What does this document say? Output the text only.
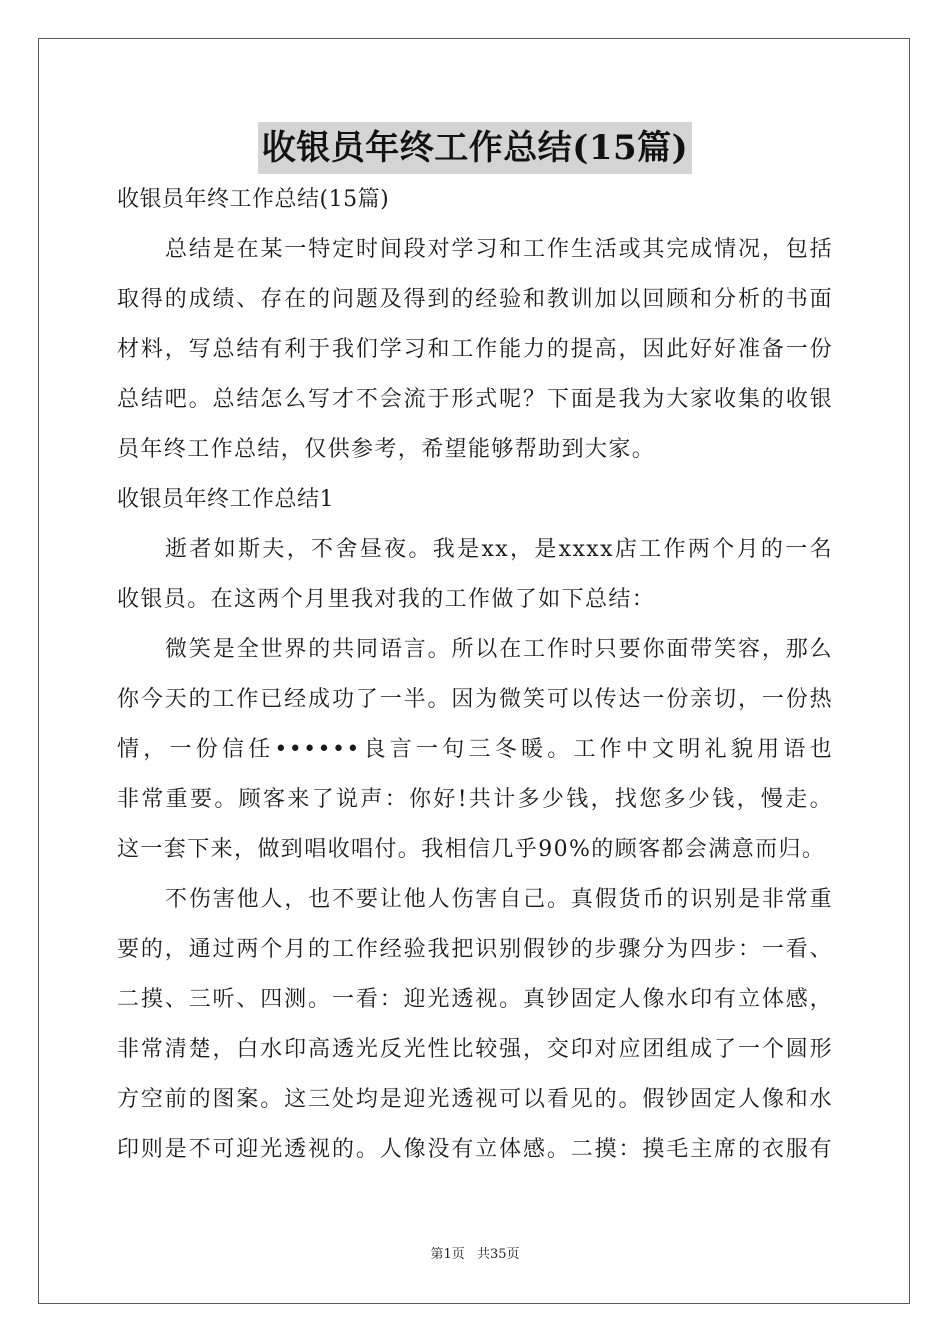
收银员年终工作总结(15篇)
收银员年终工作总结(15篇)
总结是在某一特定时间段对学习和工作生活或其完成情况，包括
取得的成绩、存在的问题及得到的经验和教训加以回顾和分析的书面
材料，写总结有利于我们学习和工作能力的提高，因此好好准备一份
总结吧。总结怎么写才不会流于形式呢？下面是我为大家收集的收银
员年终工作总结，仅供参考，希望能够帮助到大家。
收银员年终工作总结1
逝者如斯夫，不舍昼夜。我是xx，是xxxx店工作两个月的一名
收银员。在这两个月里我对我的工作做了如下总结：
微笑是全世界的共同语言。所以在工作时只要你面带笑容，那么
你今天的工作已经成功了一半。因为微笑可以传达一份亲切，一份热
情，一份信任••••••良言一句三冬暖。工作中文明礼貌用语也
非常重要。顾客来了说声：你好!共计多少钱，找您多少钱，慢走。
这一套下来，做到唱收唱付。我相信几乎90%的顾客都会满意而归。
不伤害他人，也不要让他人伤害自己。真假货币的识别是非常重
要的，通过两个月的工作经验我把识别假钞的步骤分为四步：一看、
二摸、三听、四测。一看：迎光透视。真钞固定人像水印有立体感，
非常清楚，白水印高透光反光性比较强，交印对应团组成了一个圆形
方空前的图案。这三处均是迎光透视可以看见的。假钞固定人像和水
印则是不可迎光透视的。人像没有立体感。二摸：摸毛主席的衣服有
第1页 共35页
